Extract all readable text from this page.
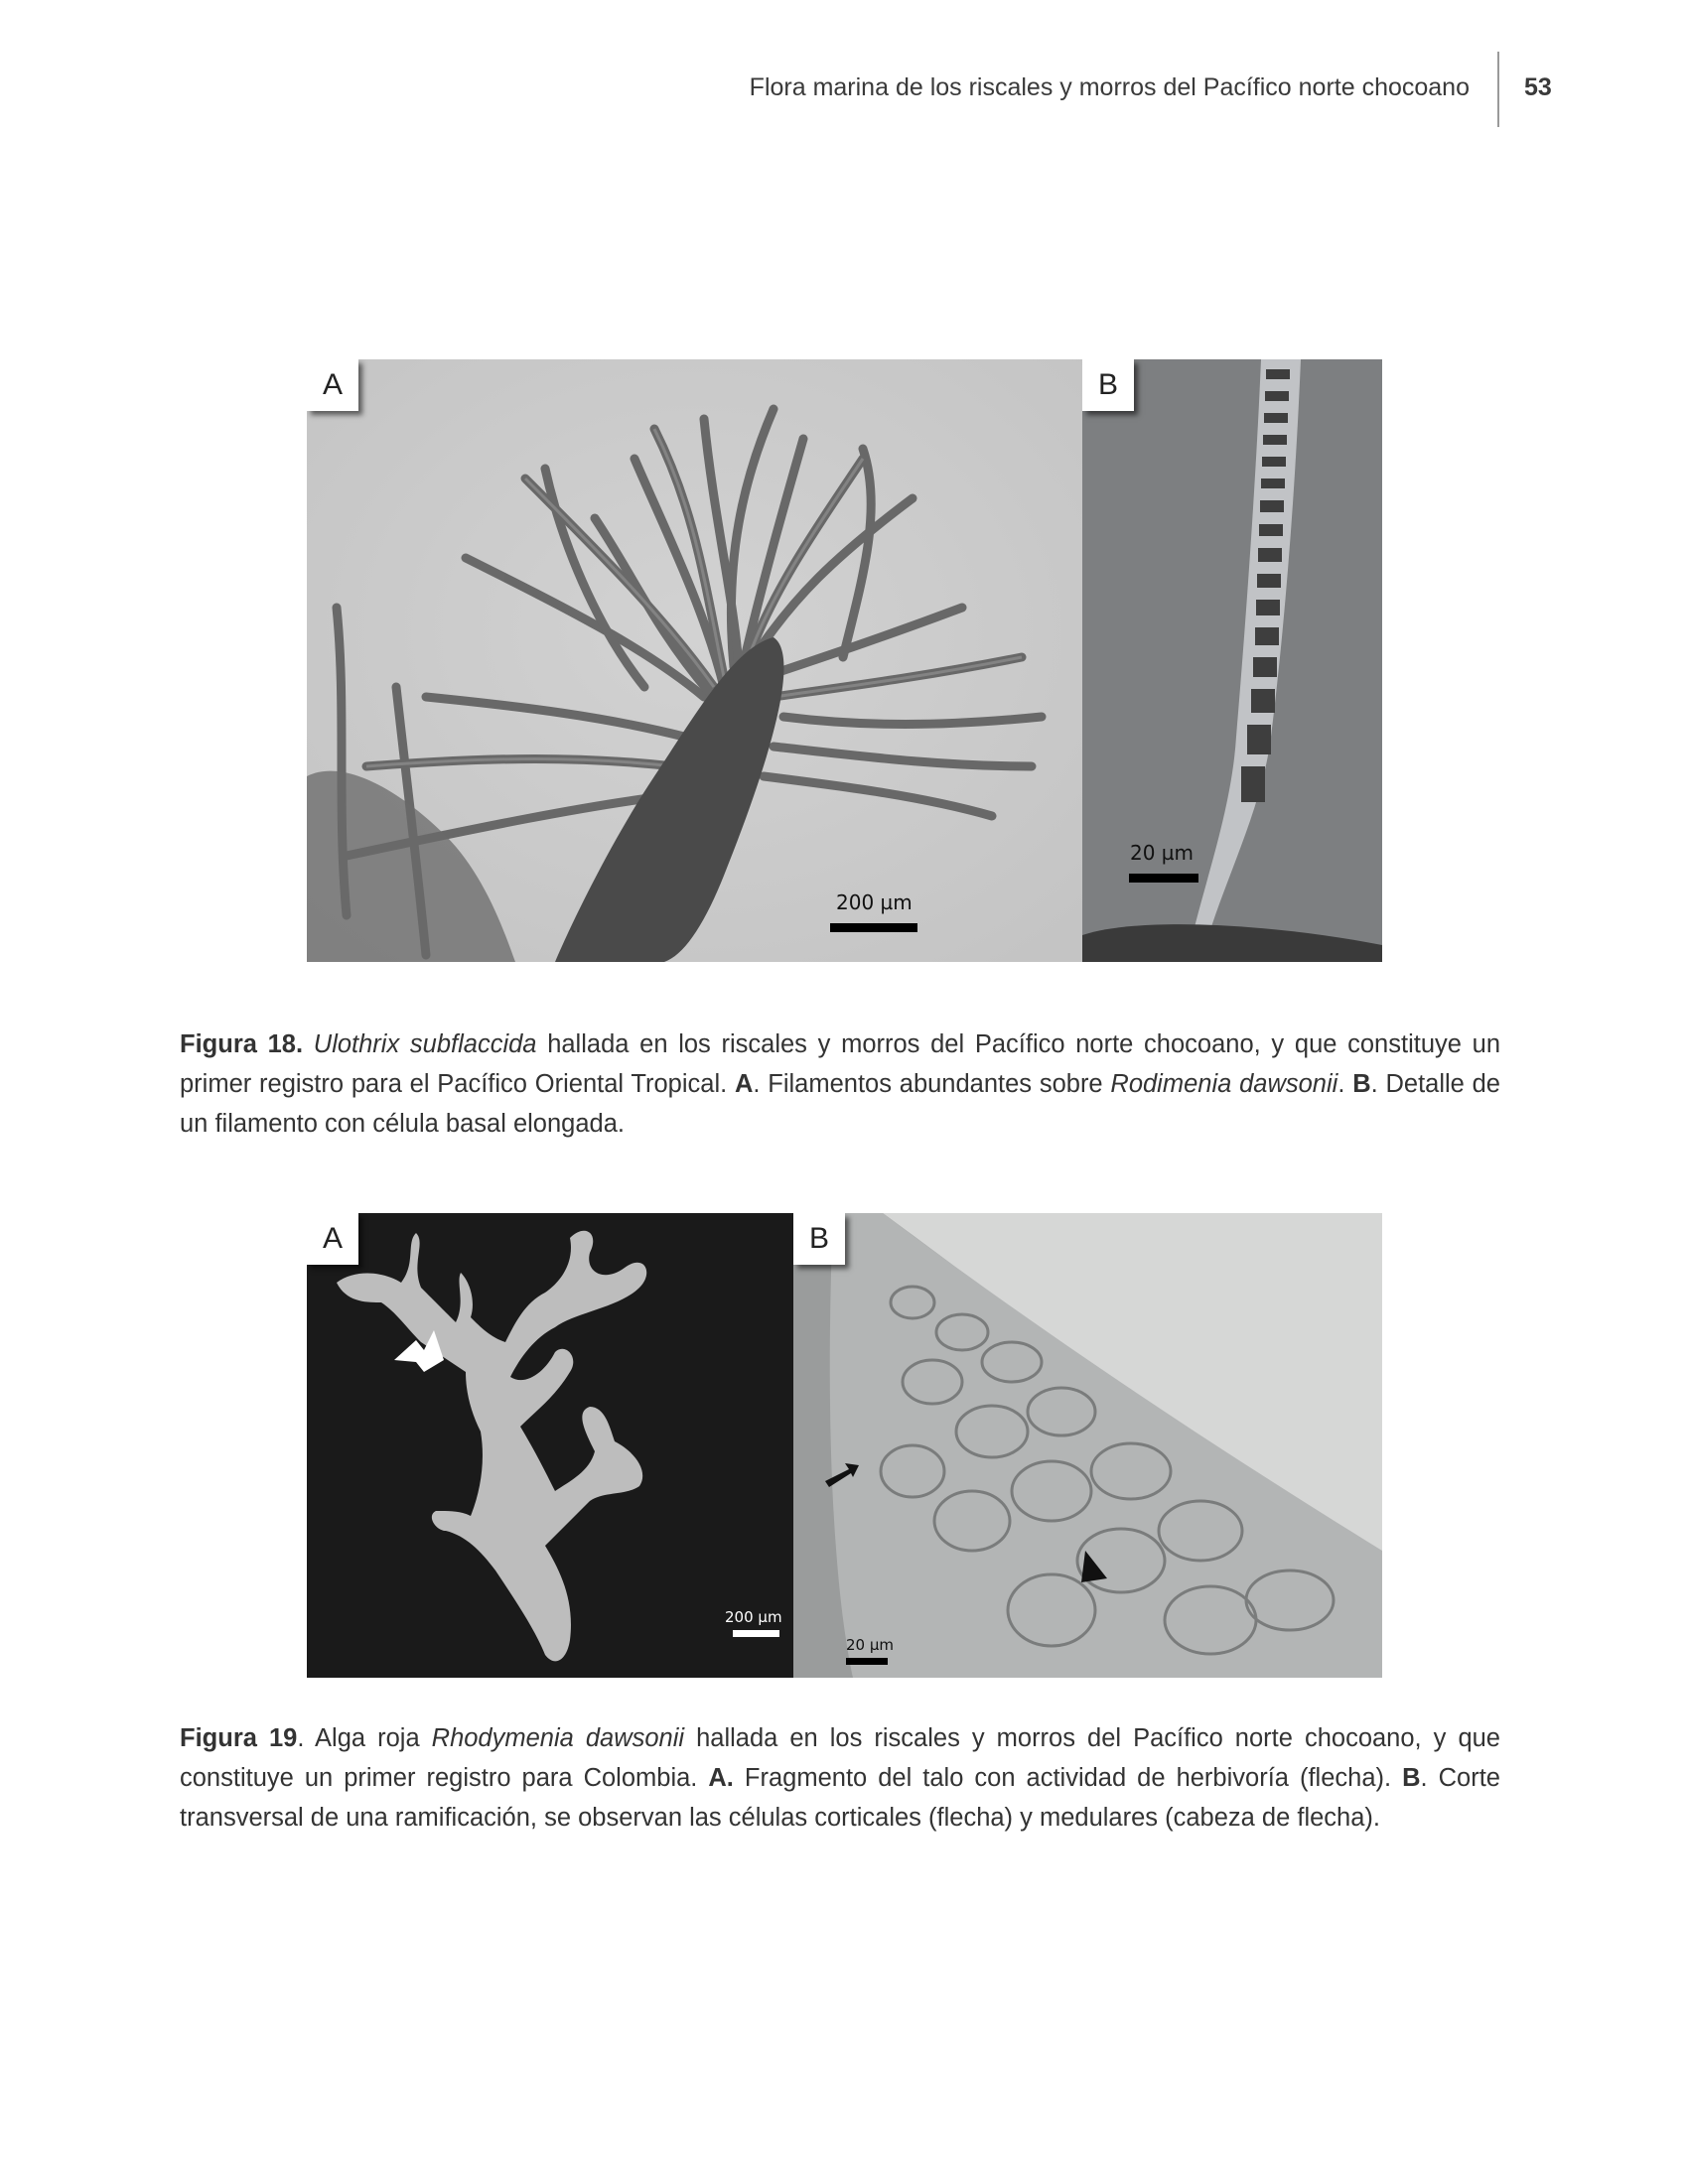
Flora marina de los riscales y morros del Pacífico norte chocoano 53
A
200 µm
B
20 µm

Figura 18. Ulothrix subflaccida hallada en los riscales y morros del Pacífico norte chocoano, y que constituye un primer registro para el Pacífico Oriental Tropical. A. Filamentos abundantes sobre Rodimenia dawsonii. B. Detalle de un filamento con célula basal elongada.

A
200 µm
B
20 µm

Figura 19. Alga roja Rhodymenia dawsonii hallada en los riscales y morros del Pacífico norte chocoano, y que constituye un primer registro para Colombia. A. Fragmento del talo con actividad de herbivoría (flecha). B. Corte transversal de una ramificación, se observan las células corticales (flecha) y medulares (cabeza de flecha).
